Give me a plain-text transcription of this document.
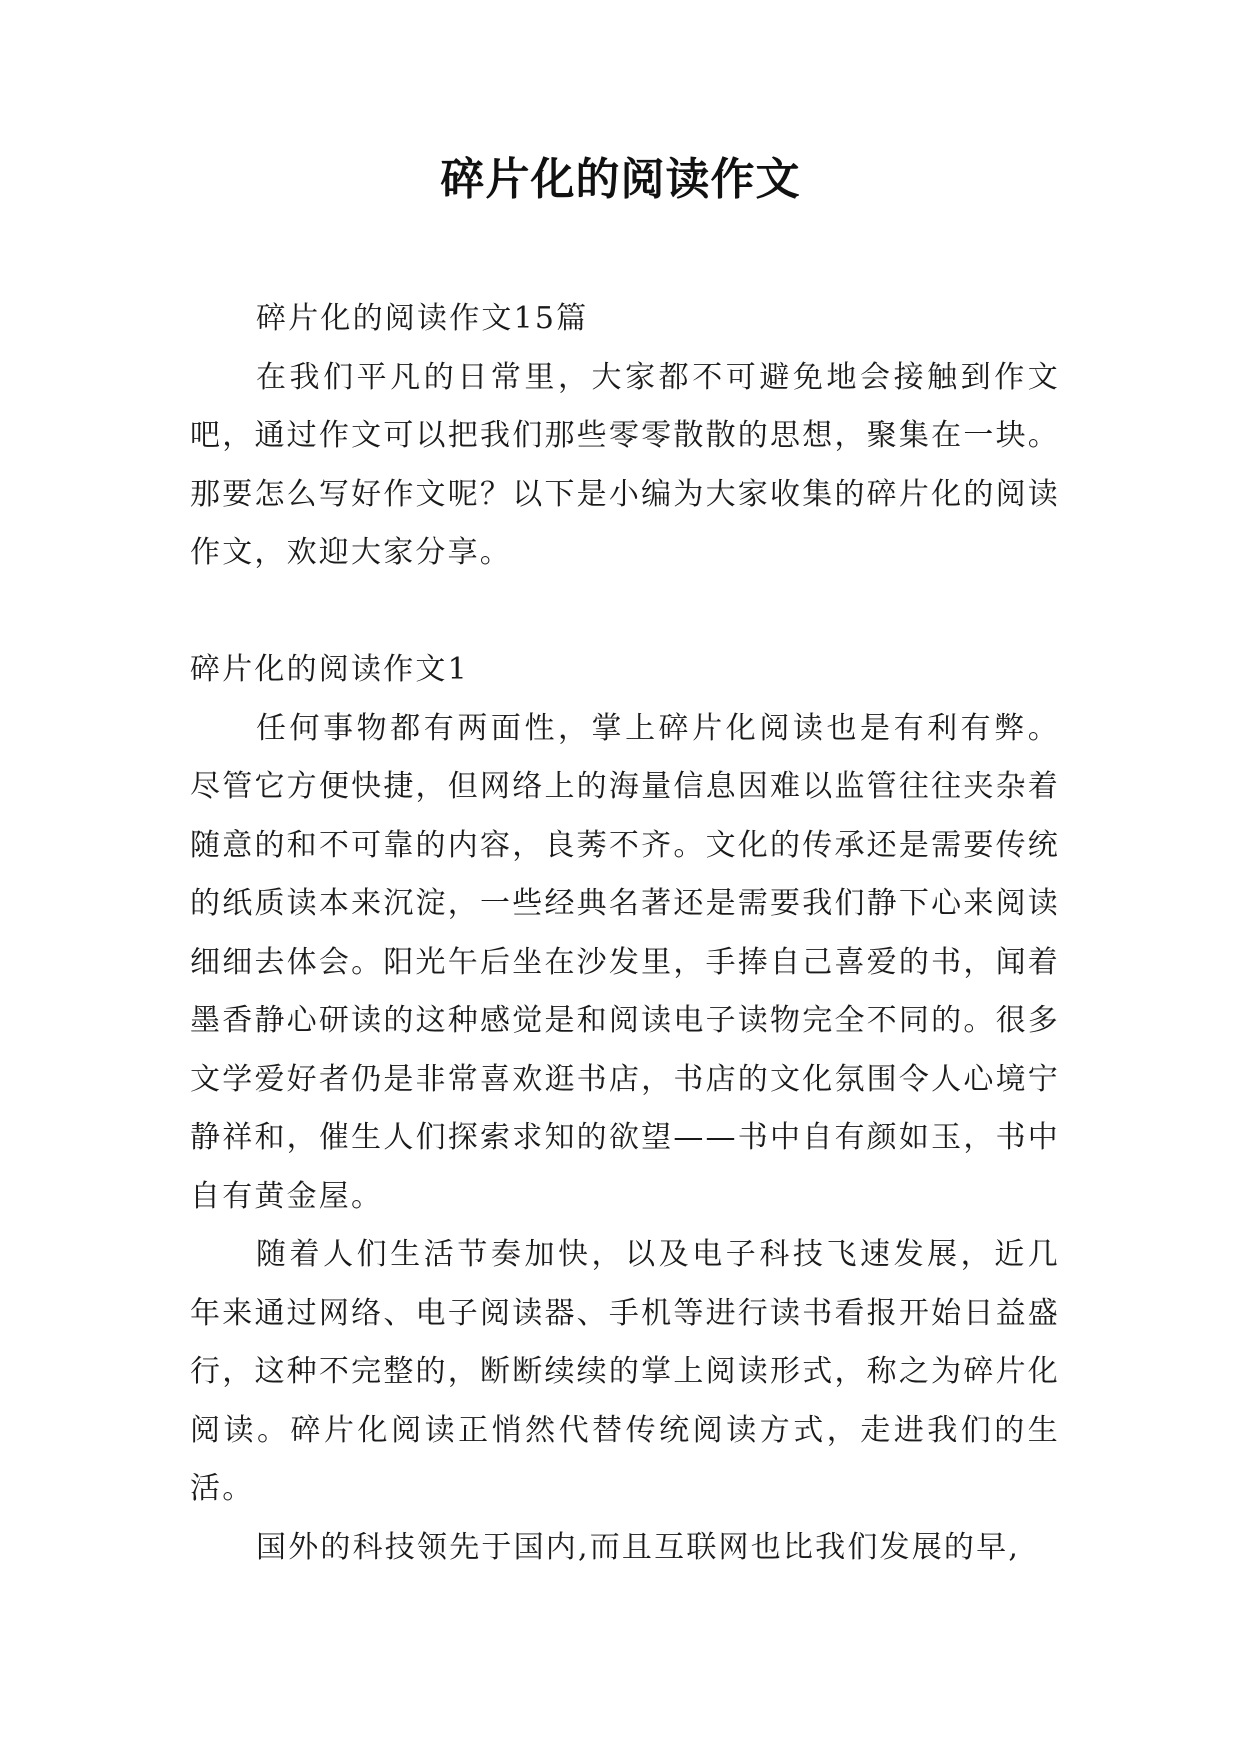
碎片化的阅读作文

碎片化的阅读作文15篇

在我们平凡的日常里，大家都不可避免地会接触到作文吧，通过作文可以把我们那些零零散散的思想，聚集在一块。那要怎么写好作文呢？以下是小编为大家收集的碎片化的阅读作文，欢迎大家分享。

碎片化的阅读作文1

任何事物都有两面性，掌上碎片化阅读也是有利有弊。尽管它方便快捷，但网络上的海量信息因难以监管往往夹杂着随意的和不可靠的内容，良莠不齐。文化的传承还是需要传统的纸质读本来沉淀，一些经典名著还是需要我们静下心来阅读细细去体会。阳光午后坐在沙发里，手捧自己喜爱的书，闻着墨香静心研读的这种感觉是和阅读电子读物完全不同的。很多文学爱好者仍是非常喜欢逛书店，书店的文化氛围令人心境宁静祥和，催生人们探索求知的欲望——书中自有颜如玉，书中自有黄金屋。

随着人们生活节奏加快，以及电子科技飞速发展，近几年来通过网络、电子阅读器、手机等进行读书看报开始日益盛行，这种不完整的，断断续续的掌上阅读形式，称之为碎片化阅读。碎片化阅读正悄然代替传统阅读方式，走进我们的生活。

国外的科技领先于国内,而且互联网也比我们发展的早,
